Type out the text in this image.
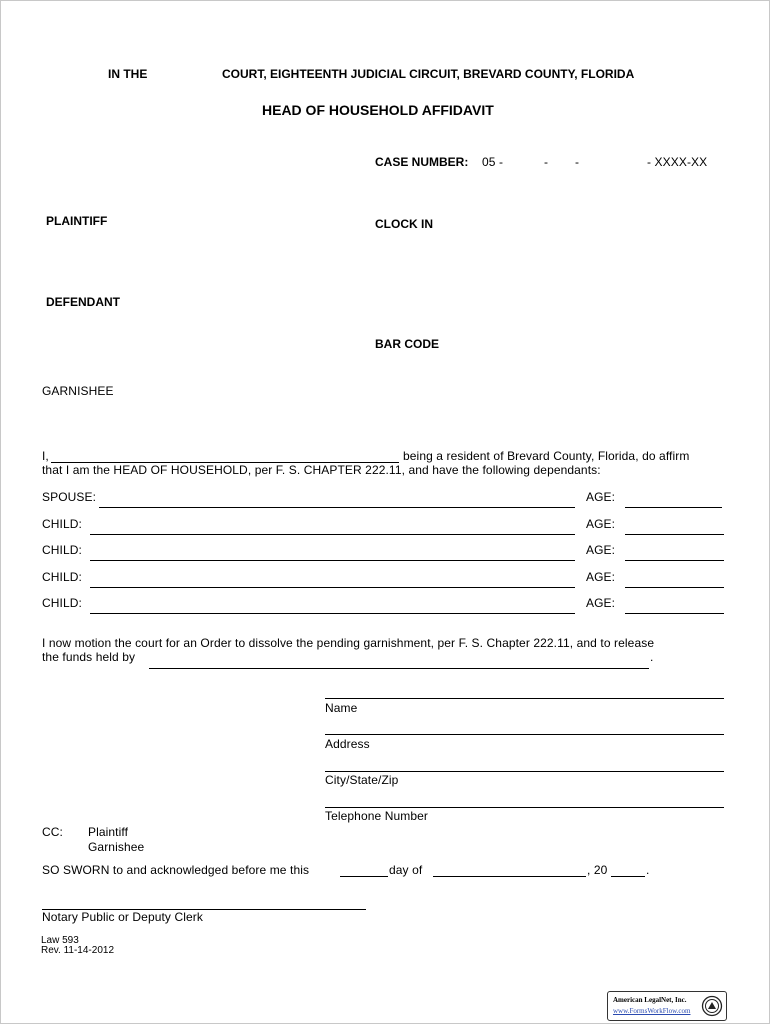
IN THE	COURT, EIGHTEENTH JUDICIAL CIRCUIT, BREVARD COUNTY, FLORIDA
HEAD OF HOUSEHOLD AFFIDAVIT
CASE NUMBER: 05 -	- -	- XXXX-XX
PLAINTIFF	CLOCK IN
DEFENDANT
BAR CODE
GARNISHEE
I,	being a resident of Brevard County, Florida, do affirm
that I am the HEAD OF HOUSEHOLD, per F. S. CHAPTER 222.11, and have the following dependants:
SPOUSE:	AGE:
CHILD:	AGE:
CHILD:	AGE:
CHILD:	AGE:
CHILD:	AGE:
I now motion the court for an Order to dissolve the pending garnishment, per F. S. Chapter 222.11, and to release
the funds held by	.
Name
Address
City/State/Zip
Telephone Number
CC: Plaintiff
Garnishee
SO SWORN to and acknowledged before me this	day of	, 20	.
Notary Public or Deputy Clerk
Law 593
Rev. 11-14-2012
American LegalNet, Inc.
www.FormsWorkFlow.com
